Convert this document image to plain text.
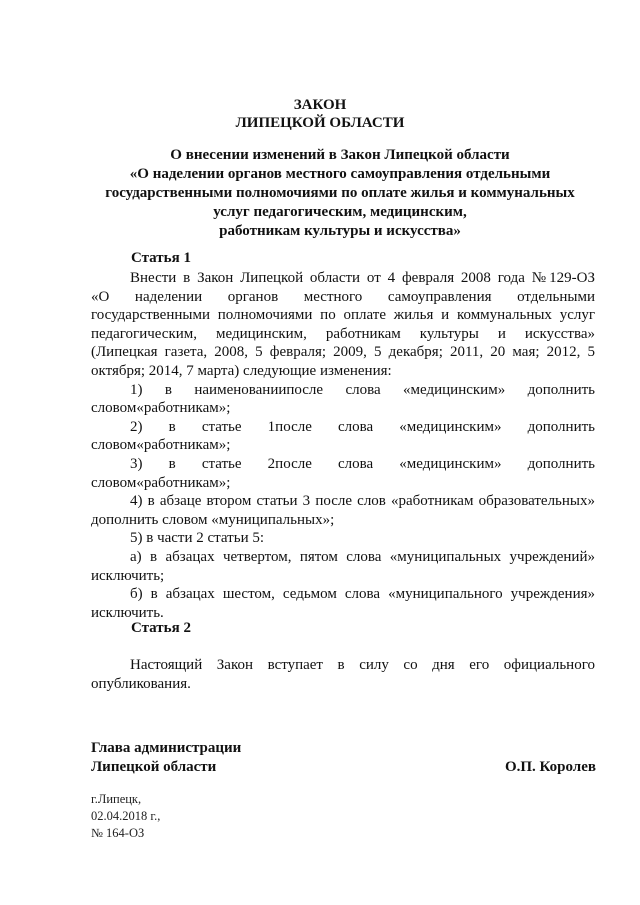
ЗАКОН
ЛИПЕЦКОЙ ОБЛАСТИ
О внесении изменений в Закон Липецкой области
«О наделении органов местного самоуправления отдельными
государственными полномочиями по оплате жилья и коммунальных
услуг педагогическим, медицинским,
работникам культуры и искусства»
Статья 1
Внести в Закон Липецкой области от 4 февраля 2008 года №129-ОЗ
«О наделении органов местного самоуправления отдельными
государственными полномочиями по оплате жилья и коммунальных услуг
педагогическим, медицинским, работникам культуры и искусства»
(Липецкая газета, 2008, 5 февраля; 2009, 5 декабря; 2011, 20 мая; 2012, 5
октября; 2014, 7 марта) следующие изменения:
1) в наименованиипосле слова «медицинским» дополнить
словом«работникам»;
2) в статье 1после слова «медицинским» дополнить
словом«работникам»;
3) в статье 2после слова «медицинским» дополнить
словом«работникам»;
4) в абзаце втором статьи 3 после слов «работникам образовательных»
дополнить словом «муниципальных»;
5) в части 2 статьи 5:
а) в абзацах четвертом, пятом слова «муниципальных учреждений»
исключить;
б) в абзацах шестом, седьмом слова «муниципального учреждения»
исключить.
Статья 2
Настоящий Закон вступает в силу со дня его официального
опубликования.
Глава администрации
Липецкой области	О.П. Королев
г.Липецк,
02.04.2018 г.,
№ 164-ОЗ
